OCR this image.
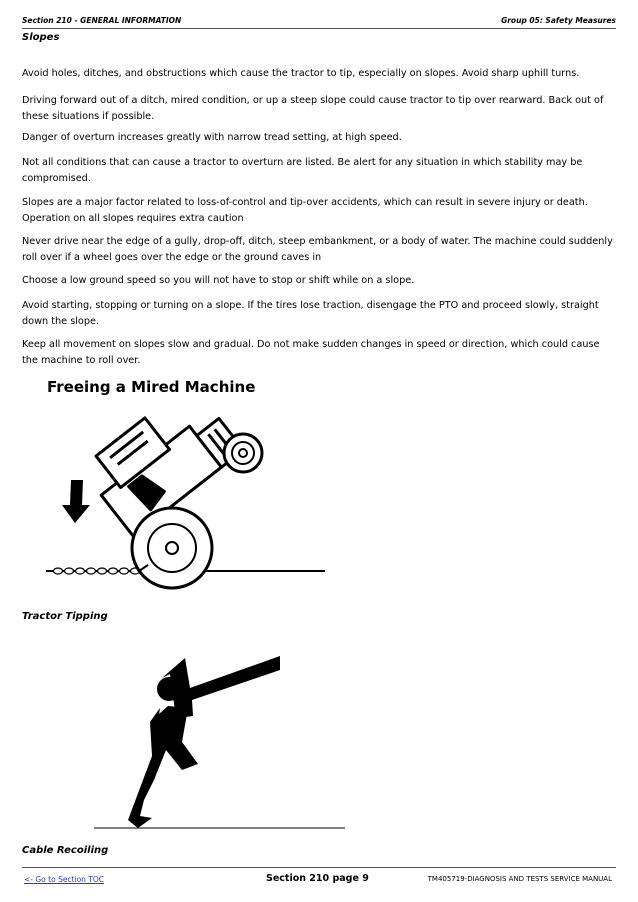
Section 210 - GENERAL INFORMATION	Group 05: Safety Measures
Slopes

Avoid holes, ditches, and obstructions which cause the tractor to tip, especially on slopes. Avoid sharp uphill turns.

Driving forward out of a ditch, mired condition, or up a steep slope could cause tractor to tip over rearward. Back out of these situations if possible.

Danger of overturn increases greatly with narrow tread setting, at high speed.

Not all conditions that can cause a tractor to overturn are listed. Be alert for any situation in which stability may be compromised.

Slopes are a major factor related to loss-of-control and tip-over accidents, which can result in severe injury or death. Operation on all slopes requires extra caution

Never drive near the edge of a gully, drop-off, ditch, steep embankment, or a body of water. The machine could suddenly roll over if a wheel goes over the edge or the ground caves in

Choose a low ground speed so you will not have to stop or shift while on a slope.

Avoid starting, stopping or turning on a slope. If the tires lose traction, disengage the PTO and proceed slowly, straight down the slope.

Keep all movement on slopes slow and gradual. Do not make sudden changes in speed or direction, which could cause the machine to roll over.

Freeing a Mired Machine
Tractor Tipping
Cable Recoiling
<- Go to Section TOC	Section 210 page 9	TM405719-DIAGNOSIS AND TESTS SERVICE MANUAL
